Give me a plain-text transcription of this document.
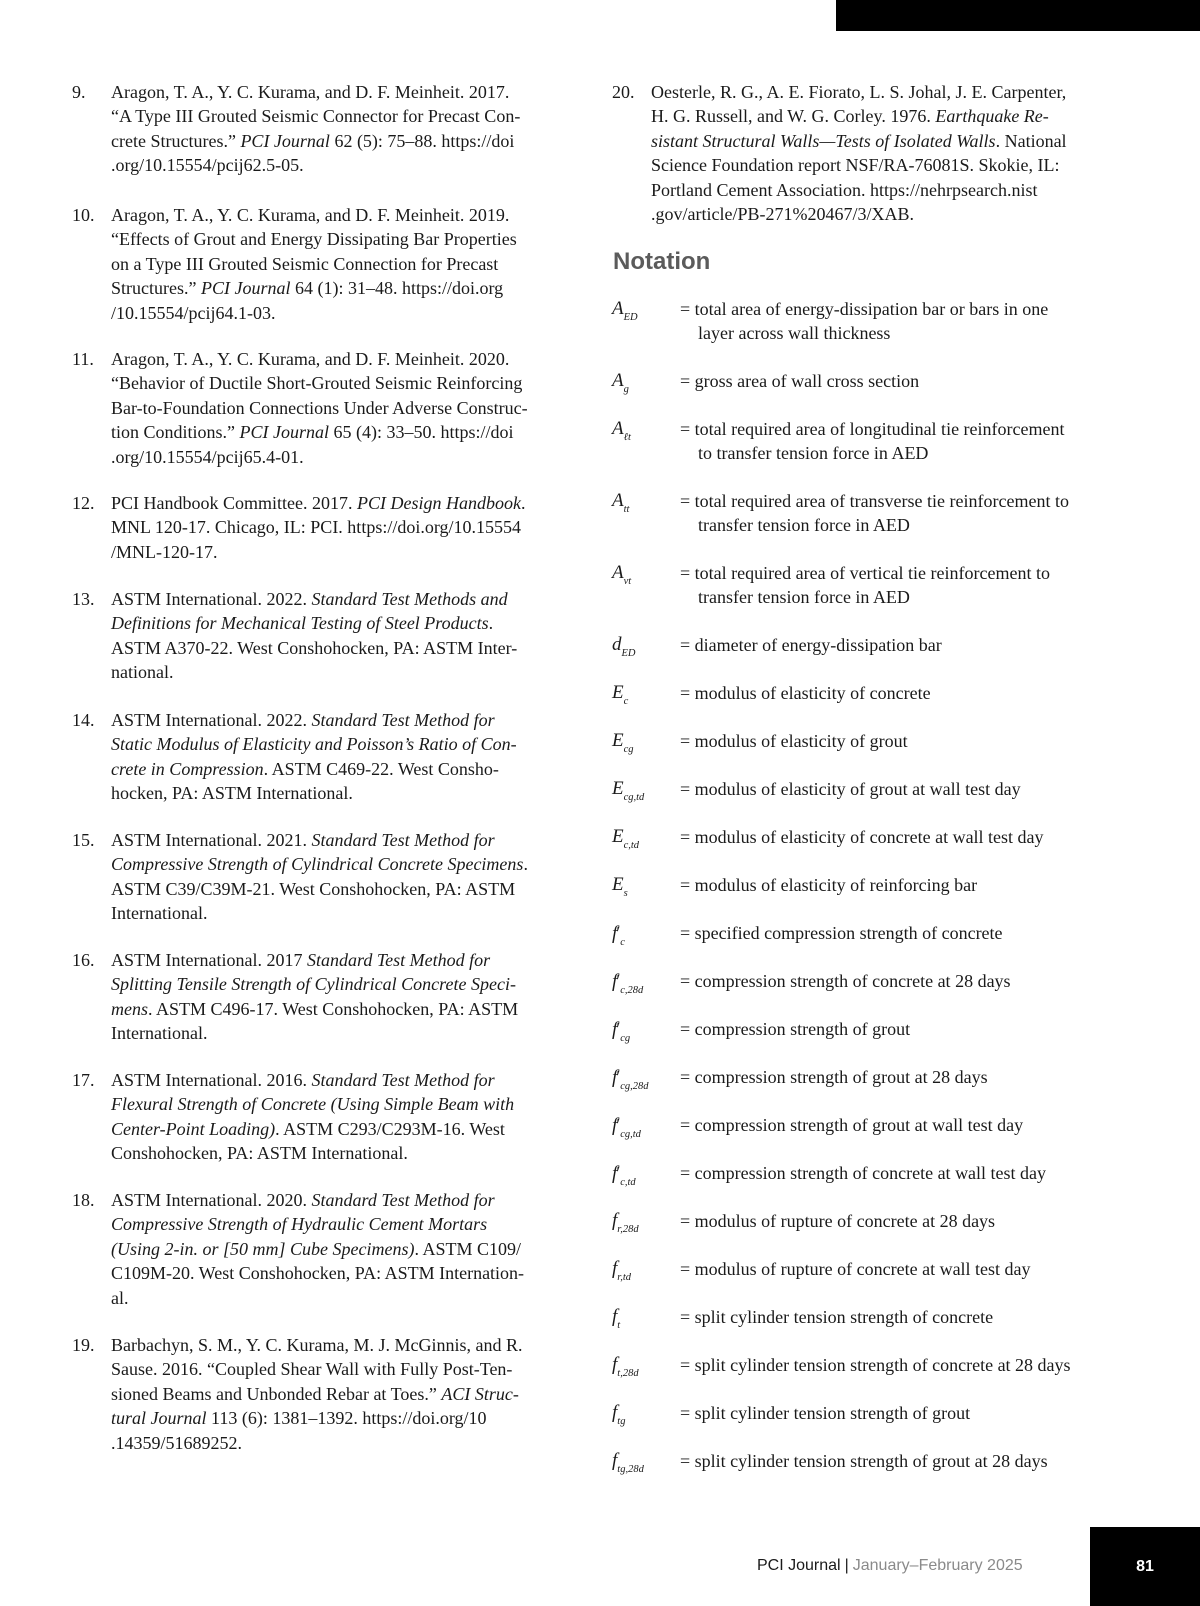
9. Aragon, T. A., Y. C. Kurama, and D. F. Meinheit. 2017.
“A Type III Grouted Seismic Connector for Precast Con-
crete Structures.” PCI Journal 62 (5): 75–88. https://doi
.org/10.15554/pcij62.5-05.
10. Aragon, T. A., Y. C. Kurama, and D. F. Meinheit. 2019.
“Effects of Grout and Energy Dissipating Bar Properties
on a Type III Grouted Seismic Connection for Precast
Structures.” PCI Journal 64 (1): 31–48. https://doi.org
/10.15554/pcij64.1-03.
11. Aragon, T. A., Y. C. Kurama, and D. F. Meinheit. 2020.
“Behavior of Ductile Short-Grouted Seismic Reinforcing
Bar-to-Foundation Connections Under Adverse Construc-
tion Conditions.” PCI Journal 65 (4): 33–50. https://doi
.org/10.15554/pcij65.4-01.
12. PCI Handbook Committee. 2017. PCI Design Handbook.
MNL 120-17. Chicago, IL: PCI. https://doi.org/10.15554
/MNL-120-17.
13. ASTM International. 2022. Standard Test Methods and
Definitions for Mechanical Testing of Steel Products.
ASTM A370-22. West Conshohocken, PA: ASTM Inter-
national.
14. ASTM International. 2022. Standard Test Method for
Static Modulus of Elasticity and Poisson’s Ratio of Con-
crete in Compression. ASTM C469-22. West Consho-
hocken, PA: ASTM International.
15. ASTM International. 2021. Standard Test Method for
Compressive Strength of Cylindrical Concrete Specimens.
ASTM C39/C39M-21. West Conshohocken, PA: ASTM
International.
16. ASTM International. 2017 Standard Test Method for
Splitting Tensile Strength of Cylindrical Concrete Speci-
mens. ASTM C496-17. West Conshohocken, PA: ASTM
International.
17. ASTM International. 2016. Standard Test Method for
Flexural Strength of Concrete (Using Simple Beam with
Center-Point Loading). ASTM C293/C293M-16. West
Conshohocken, PA: ASTM International.
18. ASTM International. 2020. Standard Test Method for
Compressive Strength of Hydraulic Cement Mortars
(Using 2-in. or [50 mm] Cube Specimens). ASTM C109/
C109M-20. West Conshohocken, PA: ASTM Internation-
al.
19. Barbachyn, S. M., Y. C. Kurama, M. J. McGinnis, and R.
Sause. 2016. “Coupled Shear Wall with Fully Post-Ten-
sioned Beams and Unbonded Rebar at Toes.” ACI Struc-
tural Journal 113 (6): 1381–1392. https://doi.org/10
.14359/51689252.
20. Oesterle, R. G., A. E. Fiorato, L. S. Johal, J. E. Carpenter,
H. G. Russell, and W. G. Corley. 1976. Earthquake Re-
sistant Structural Walls—Tests of Isolated Walls. National
Science Foundation report NSF/RA-76081S. Skokie, IL:
Portland Cement Association. https://nehrpsearch.nist
.gov/article/PB-271%20467/3/XAB.
Notation
$A_{ED}$ = total area of energy-dissipation bar or bars in one
layer across wall thickness
$A_g$	= gross area of wall cross section
$A_{\ell t}$	= total required area of longitudinal tie reinforcement
to transfer tension force in AED
$A_{tt}$	= total required area of transverse tie reinforcement to
transfer tension force in AED
$A_{vt}$	= total required area of vertical tie reinforcement to
transfer tension force in AED
$d_{ED}$ = diameter of energy-dissipation bar
$E_c$	= modulus of elasticity of concrete
$E_{cg}$	= modulus of elasticity of grout
$E_{cg,td}$ = modulus of elasticity of grout at wall test day
$E_{c,td}$ = modulus of elasticity of concrete at wall test day
$E_s$	= modulus of elasticity of reinforcing bar
$f'_c$	= specified compression strength of concrete
$f'_{c,28d}$ = compression strength of concrete at 28 days
$f'_{cg}$	= compression strength of grout
$f'_{cg,28d}$ = compression strength of grout at 28 days
$f'_{cg,td}$ = compression strength of grout at wall test day
$f'_{c,td}$ = compression strength of concrete at wall test day
$f_{r,28d}$ = modulus of rupture of concrete at 28 days
$f_{r,td}$	= modulus of rupture of concrete at wall test day
$f_t$	= split cylinder tension strength of concrete
$f_{t,28d}$ = split cylinder tension strength of concrete at 28 days
$f_{tg}$	= split cylinder tension strength of grout
$f_{tg,28d}$ = split cylinder tension strength of grout at 28 days
PCI Journal | January–February 2025	81
